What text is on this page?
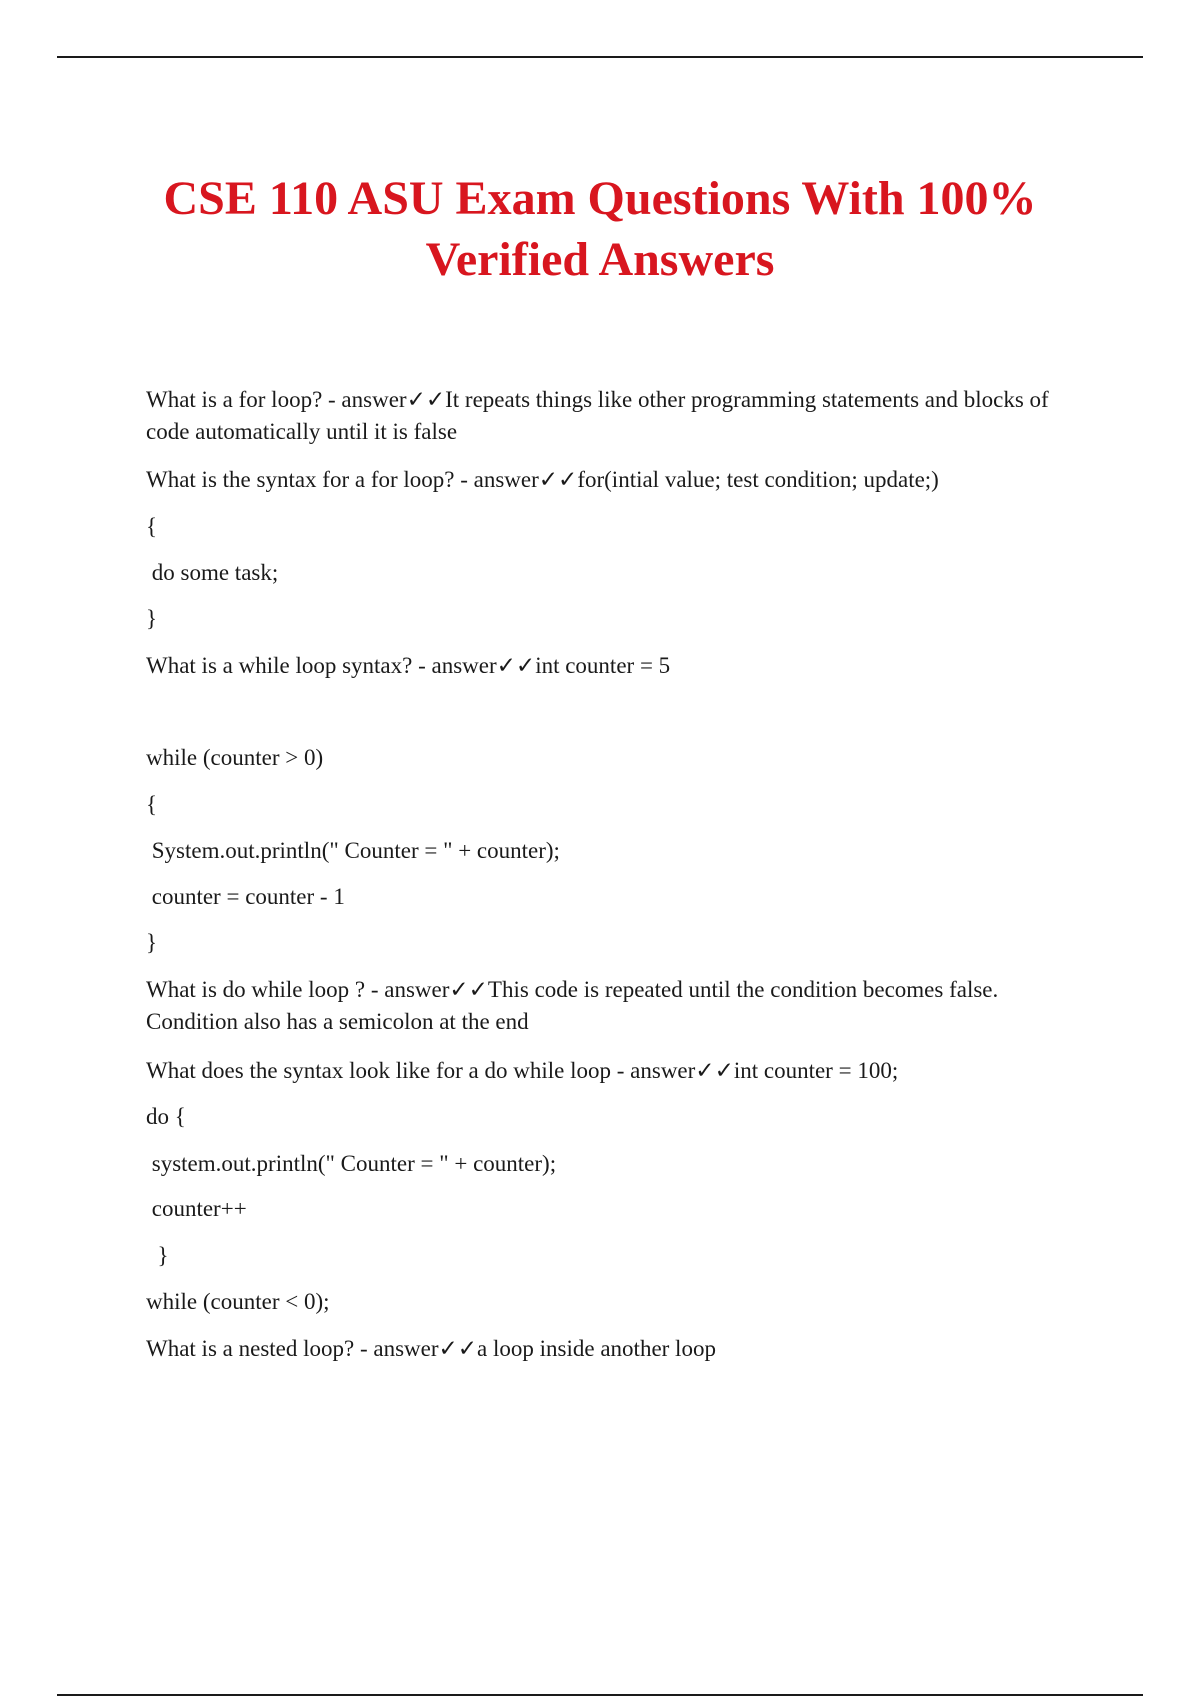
CSE 110 ASU Exam Questions With 100%
Verified Answers

What is a for loop? - answer✓✓It repeats things like other programming statements and blocks of code automatically until it is false

What is the syntax for a for loop? - answer✓✓for(intial value; test condition; update;)

{

do some task;

}

What is a while loop syntax? - answer✓✓int counter = 5

while (counter > 0)

{

System.out.println(" Counter = " + counter);

counter = counter - 1

}

What is do while loop ? - answer✓✓This code is repeated until the condition becomes false. Condition also has a semicolon at the end

What does the syntax look like for a do while loop - answer✓✓int counter = 100;

do {

system.out.println(" Counter = " + counter);

counter++

}

while (counter < 0);

What is a nested loop? - answer✓✓a loop inside another loop
